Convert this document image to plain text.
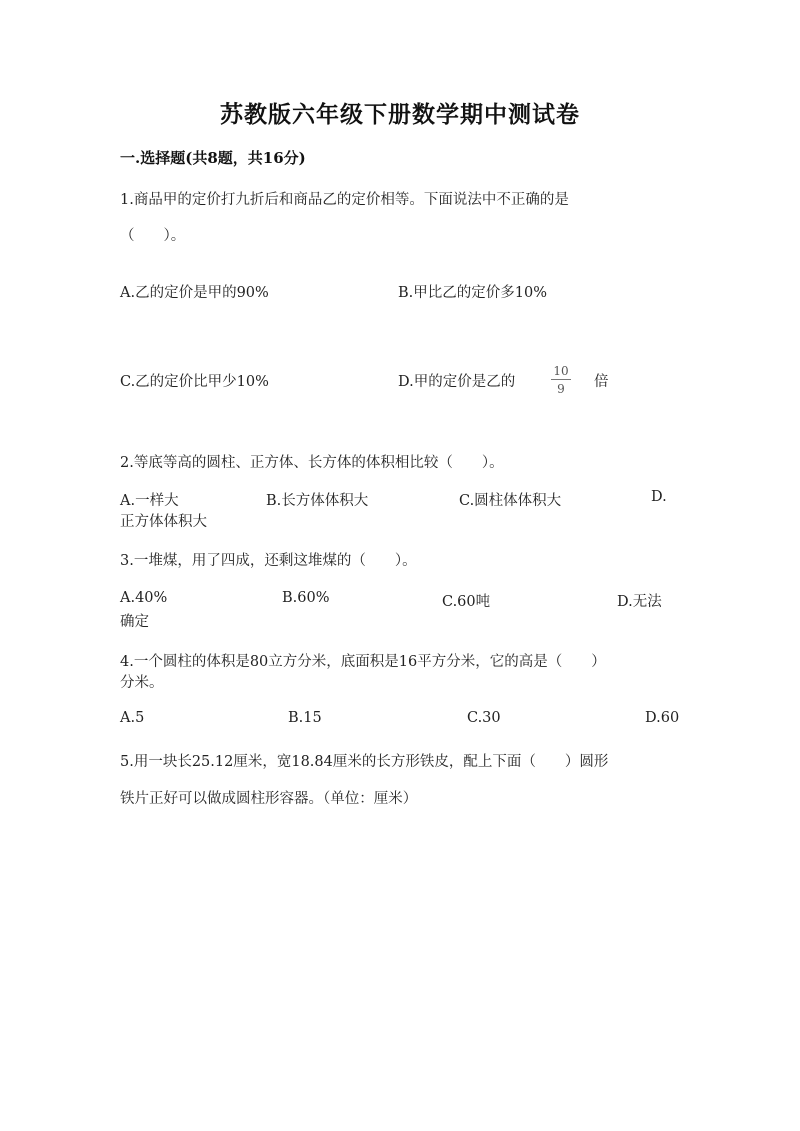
苏教版六年级下册数学期中测试卷
一.选择题(共8题，共16分)
1.商品甲的定价打九折后和商品乙的定价相等。下面说法中不正确的是
（　　）。
A.乙的定价是甲的90%	B.甲比乙的定价多10%
C.乙的定价比甲少10%	D.甲的定价是乙的
10
9	倍
2.等底等高的圆柱、正方体、长方体的体积相比较（　　）。
A.一样大	B.长方体体积大	C.圆柱体体积大	D.
正方体体积大
3.一堆煤，用了四成，还剩这堆煤的（　　）。
A.40%	B.60%	C.60吨	D.无法
确定
4.一个圆柱的体积是80立方分米，底面积是16平方分米，它的高是（　　）
分米。
A.5	B.15	C.30	D.60
5.用一块长25.12厘米，宽18.84厘米的长方形铁皮，配上下面（　　）圆形
铁片正好可以做成圆柱形容器。（单位：厘米）
